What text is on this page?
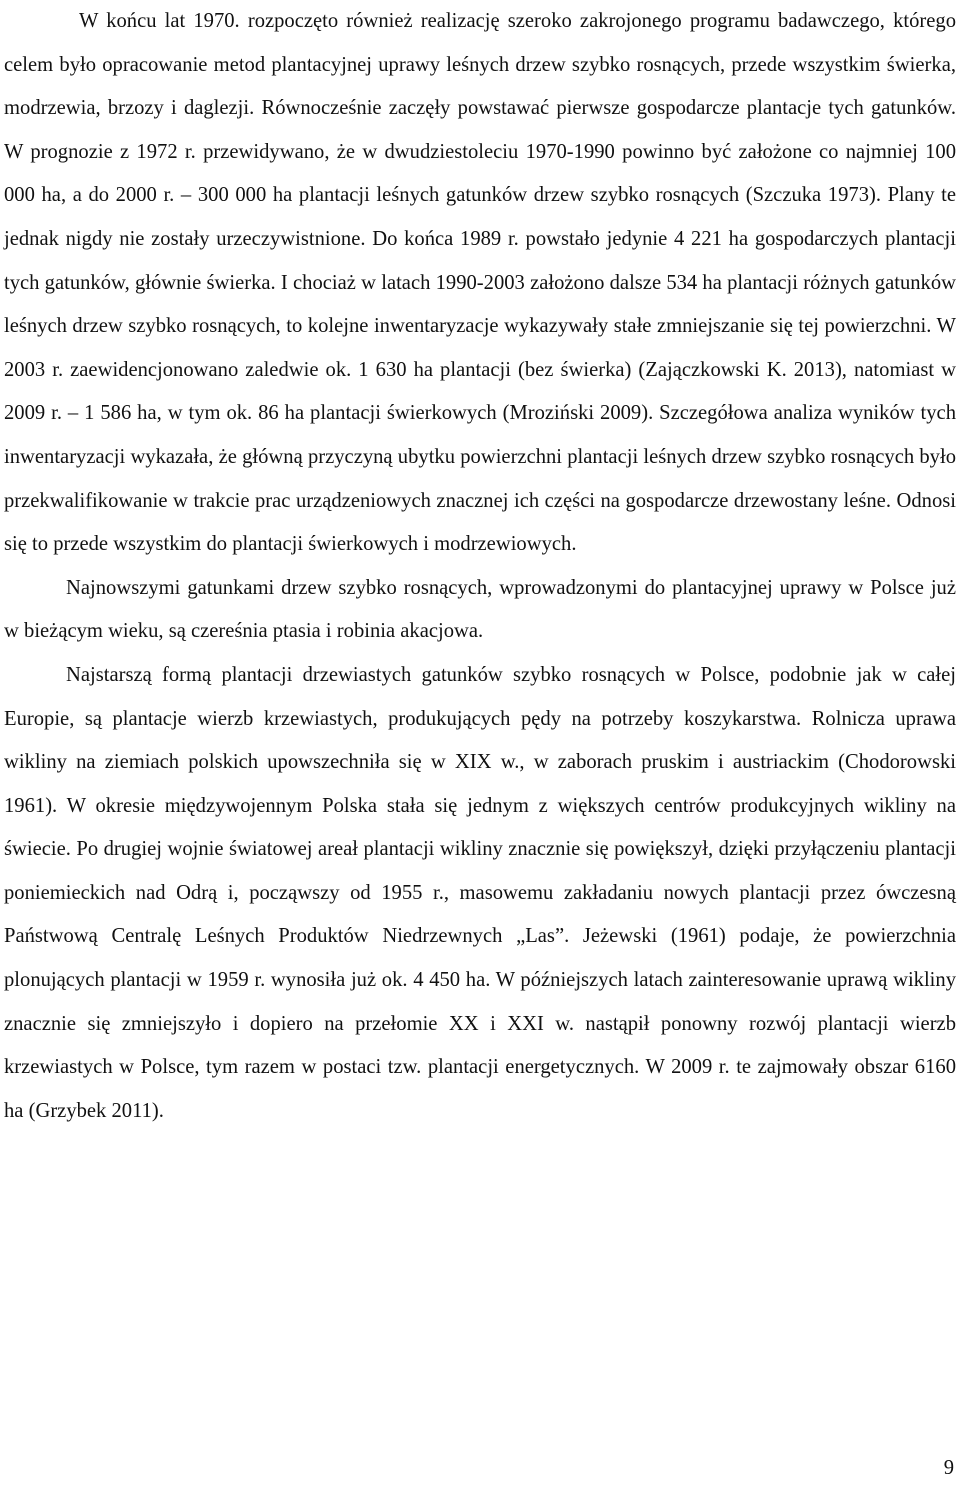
W końcu lat 1970. rozpoczęto również realizację szeroko zakrojonego programu badawczego, którego celem było opracowanie metod plantacyjnej uprawy leśnych drzew szybko rosnących, przede wszystkim świerka, modrzewia, brzozy i daglezji. Równocześnie zaczęły powstawać pierwsze gospodarcze plantacje tych gatunków. W prognozie z 1972 r. przewidywano, że w dwudziestoleciu 1970-1990 powinno być założone co najmniej 100 000 ha, a do 2000 r. – 300 000 ha plantacji leśnych gatunków drzew szybko rosnących (Szczuka 1973). Plany te jednak nigdy nie zostały urzeczywistnione. Do końca 1989 r. powstało jedynie 4 221 ha gospodarczych plantacji tych gatunków, głównie świerka. I chociaż w latach 1990-2003 założono dalsze 534 ha plantacji różnych gatunków leśnych drzew szybko rosnących, to kolejne inwentaryzacje wykazywały stałe zmniejszanie się tej powierzchni. W 2003 r. zaewidencjonowano zaledwie ok. 1 630 ha plantacji (bez świerka) (Zajączkowski K. 2013), natomiast w 2009 r. – 1 586 ha, w tym ok. 86 ha plantacji świerkowych (Mroziński 2009). Szczegółowa analiza wyników tych inwentaryzacji wykazała, że główną przyczyną ubytku powierzchni plantacji leśnych drzew szybko rosnących było przekwalifikowanie w trakcie prac urządzeniowych znacznej ich części na gospodarcze drzewostany leśne. Odnosi się to przede wszystkim do plantacji świerkowych i modrzewiowych.

Najnowszymi gatunkami drzew szybko rosnących, wprowadzonymi do plantacyjnej uprawy w Polsce już w bieżącym wieku, są czereśnia ptasia i robinia akacjowa.

Najstarszą formą plantacji drzewiastych gatunków szybko rosnących w Polsce, podobnie jak w całej Europie, są plantacje wierzb krzewiastych, produkujących pędy na potrzeby koszykarstwa. Rolnicza uprawa wikliny na ziemiach polskich upowszechniła się w XIX w., w zaborach pruskim i austriackim (Chodorowski 1961). W okresie międzywojennym Polska stała się jednym z większych centrów produkcyjnych wikliny na świecie. Po drugiej wojnie światowej areał plantacji wikliny znacznie się powiększył, dzięki przyłączeniu plantacji poniemieckich nad Odrą i, począwszy od 1955 r., masowemu zakładaniu nowych plantacji przez ówczesną Państwową Centralę Leśnych Produktów Niedrzewnych „Las”. Jeżewski (1961) podaje, że powierzchnia plonujących plantacji w 1959 r. wynosiła już ok. 4 450 ha. W późniejszych latach zainteresowanie uprawą wikliny znacznie się zmniejszyło i dopiero na przełomie XX i XXI w. nastąpił ponowny rozwój plantacji wierzb krzewiastych w Polsce, tym razem w postaci tzw. plantacji energetycznych. W 2009 r. te zajmowały obszar 6160 ha (Grzybek 2011).

9
